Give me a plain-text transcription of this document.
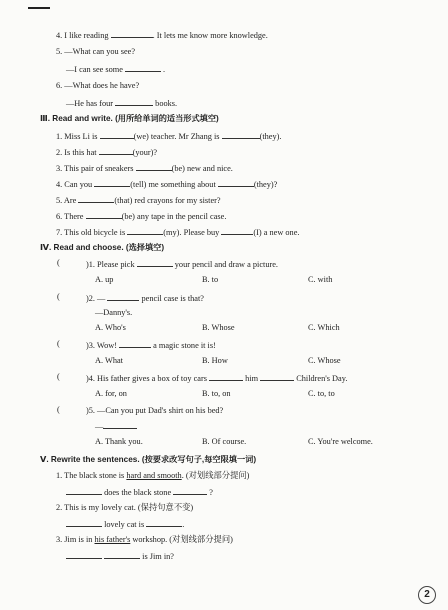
4. I like reading	. It lets me know more knowledge.
5. —What can you see?
—I can see some	.
6. —What does he have?
—He has four	books.
Ⅲ. Read and write. (用所给单词的适当形式填空)
1. Miss Li is	(we) teacher. Mr Zhang is	(they).
2. Is this hat	(your)?
3. This pair of sneakers	(be) new and nice.
4. Can you	(tell) me something about	(they)?
5. Are	(that) red crayons for my sister?
6. There	(be) any tape in the pencil case.
7. This old bicycle is	(my). Please buy	(I) a new one.
Ⅳ. Read and choose. (选择填空)
(	)1. Please pick	your pencil and draw a picture.
A. up	B. to	C. with
(	)2. —	pencil case is that?
—Danny's.
A. Who's	B. Whose	C. Which
(	)3. Wow!	a magic stone it is!
A. What	B. How	C. Whose
(	)4. His father gives a box of toy cars	him	Children's Day.
A. for, on	B. to, on	C. to, to
(	)5. —Can you put Dad's shirt on his bed?
—
A. Thank you.	B. Of course.	C. You're welcome.
Ⅴ. Rewrite the sentences. (按要求改写句子,每空限填一词)
1. The black stone is hard and smooth. (对划线部分提问)
does the black stone	?
2. This is my lovely cat. (保持句意不变)
lovely cat is	.
3. Jim is in his father's workshop. (对划线部分提问)
is Jim in?
2
